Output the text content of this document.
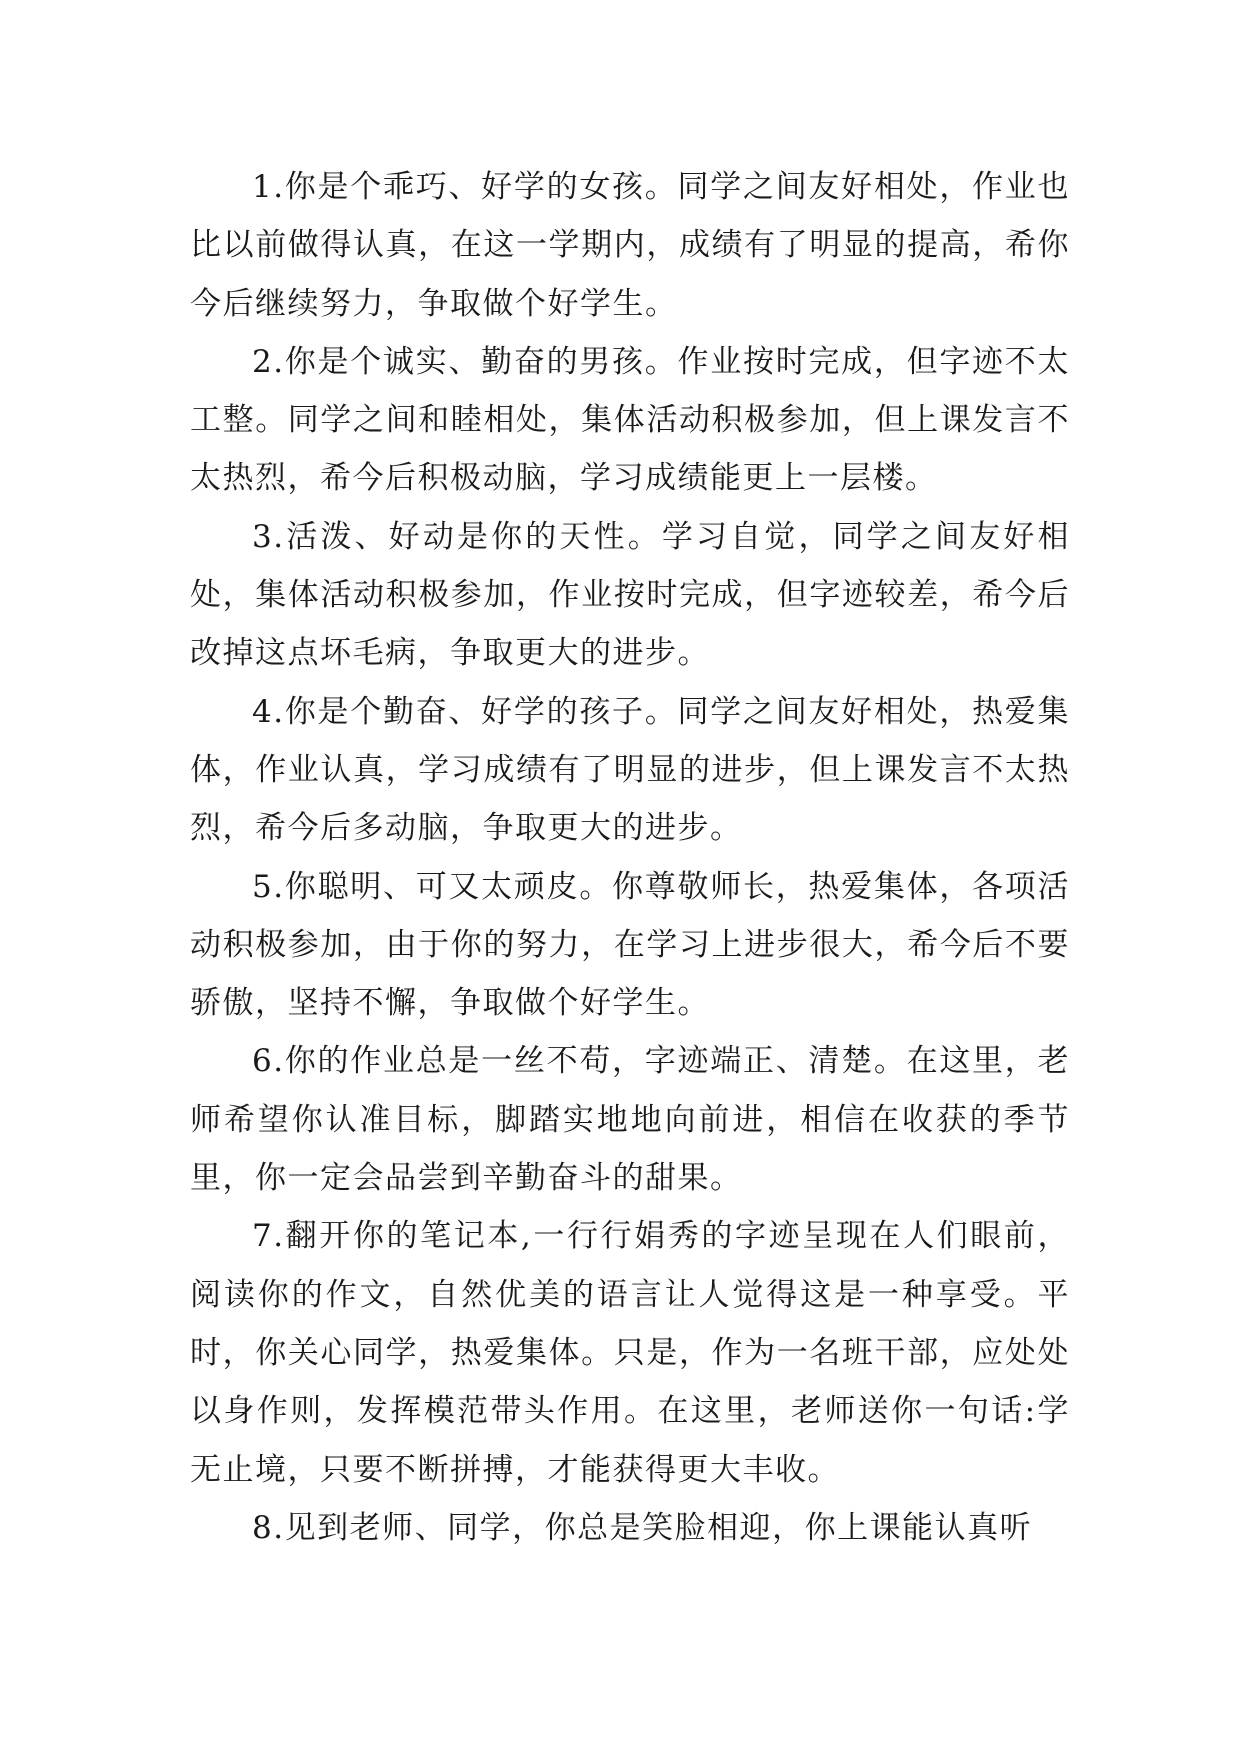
1.你是个乖巧、好学的女孩。同学之间友好相处，作业也比以前做得认真，在这一学期内，成绩有了明显的提高，希你今后继续努力，争取做个好学生。

2.你是个诚实、勤奋的男孩。作业按时完成，但字迹不太工整。同学之间和睦相处，集体活动积极参加，但上课发言不太热烈，希今后积极动脑，学习成绩能更上一层楼。

3.活泼、好动是你的天性。学习自觉，同学之间友好相处，集体活动积极参加，作业按时完成，但字迹较差，希今后改掉这点坏毛病，争取更大的进步。

4.你是个勤奋、好学的孩子。同学之间友好相处，热爱集体，作业认真，学习成绩有了明显的进步，但上课发言不太热烈，希今后多动脑，争取更大的进步。

5.你聪明、可又太顽皮。你尊敬师长，热爱集体，各项活动积极参加，由于你的努力，在学习上进步很大，希今后不要骄傲，坚持不懈，争取做个好学生。

6.你的作业总是一丝不苟，字迹端正、清楚。在这里，老师希望你认准目标，脚踏实地地向前进，相信在收获的季节里，你一定会品尝到辛勤奋斗的甜果。

7.翻开你的笔记本,一行行娟秀的字迹呈现在人们眼前，阅读你的作文，自然优美的语言让人觉得这是一种享受。平时，你关心同学，热爱集体。只是，作为一名班干部，应处处以身作则，发挥模范带头作用。在这里，老师送你一句话:学无止境，只要不断拼搏，才能获得更大丰收。

8.见到老师、同学，你总是笑脸相迎，你上课能认真听
